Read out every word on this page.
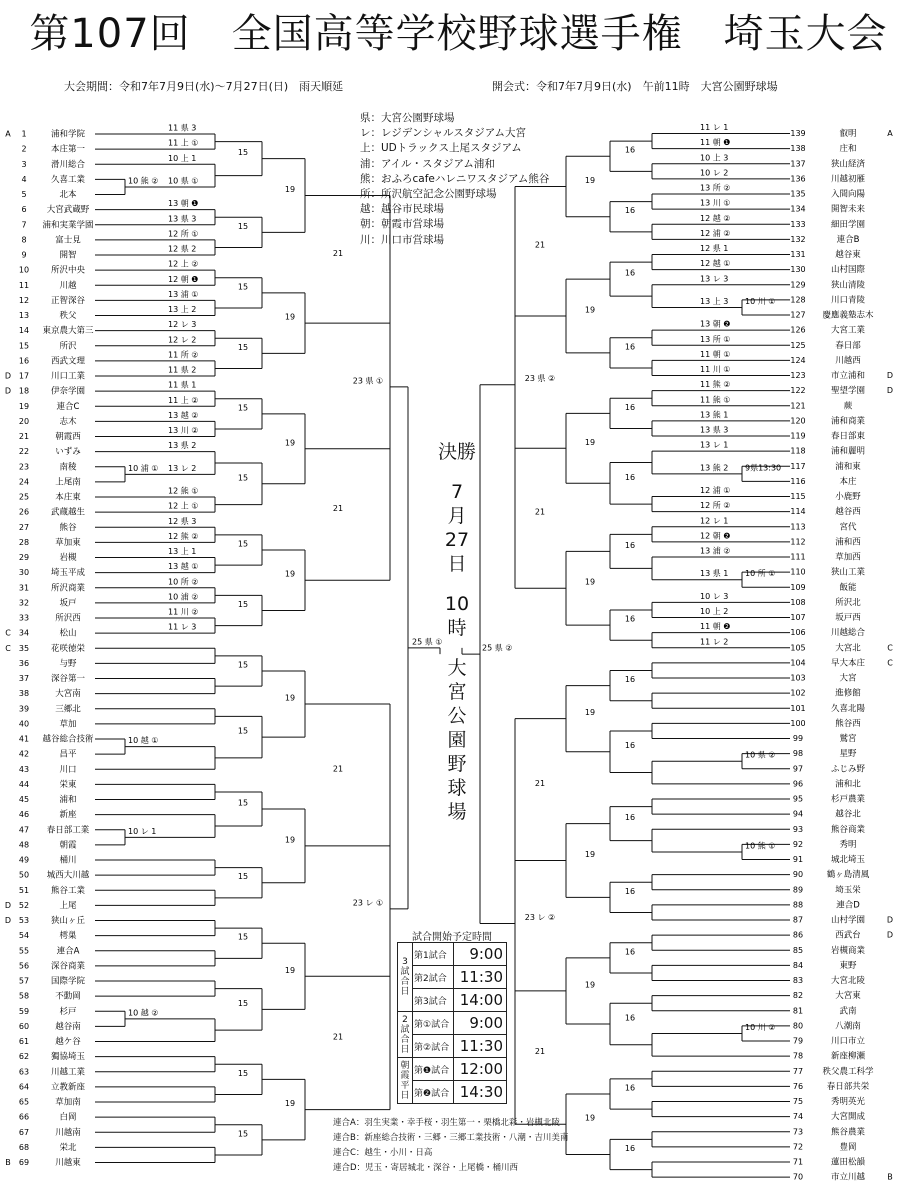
第107回　全国高等学校野球選手権　埼玉大会
大会期間：令和7年7月9日(水)～7月27日(日)　雨天順延	開会式：令和7年7月9日(水)　午前11時　大宮公園野球場
1	浦和学院
2	本庄第一
3	滑川総合
4	久喜工業
5	北本
6 大宮武蔵野
7 浦和実業学園
8	富士見
9	開智
10	所沢中央
11	川越
12	正智深谷
13	秩父
14 東京農大第三
15	所沢
16	西武文理
17	川口工業
18	伊奈学園
19	連合C
20	志木
21	朝霞西
22	いずみ
23	南稜
24	上尾南
25	本庄東
26	武蔵越生
27	熊谷
28	草加東
29	岩槻
30	埼玉平成
31	所沢商業
32	坂戸
33	所沢西
34	松山
35	花咲徳栄
36	与野
37	深谷第一
38	大宮南
39	三郷北
40	草加
41 越谷総合技術
42	昌平
43	川口
44	栄東
45	浦和
46	新座
47 春日部工業
48	朝霞
49	桶川
50 城西大川越
51	熊谷工業
52	上尾
53	狭山ヶ丘
54	樗巣
55	連合A
56	深谷商業
57	国際学院
58	不動岡
59	杉戸
60	越谷南
61	越ケ谷
62	獨協埼玉
63	川越工業
64	立教新座
65	草加南
66	白岡
67	川越南
68	栄北
69	川越東
139	叡明
138	庄和
137	狭山経済
136	川越初雁
135	入間向陽
134	開智未来
133	細田学園
132	連合B
131	越谷東
130	山村国際
129	狭山清陵
128	川口青陵
127 慶應義塾志木
126	大宮工業
125	春日部
124	川越西
123	市立浦和
122	聖望学園
121	蕨
120	浦和商業
119	春日部東
118	浦和麗明
117	浦和東
116	本庄
115	小鹿野
114	越谷西
113	宮代
112	浦和西
111	草加西
110	狭山工業
109	飯能
108	所沢北
107	坂戸西
106	川越総合
105	大宮北
104	早大本庄
103	大宮
102	進修館
101	久喜北陽
100	熊谷西
99	鷲宮
98	星野
97	ふじみ野
96	浦和北
95	杉戸農業
94	越谷北
93	熊谷商業
92	秀明
91	城北埼玉
90	鶴ヶ島清風
89	埼玉栄
88	連合D
87	山村学園
86	西武台
85	岩槻商業
84	東野
83	大宮北陵
82	大宮東
81	武南
80	八潮南
79	川口市立
78	新座柳瀬
77 秩父農工科学
76	春日部共栄
75	秀明英光
74	大宮開成
73	熊谷農業
72	豊岡
71	蓮田松韻
70	市立川越
A
D
D
C
C
D
D
B
A
D
D
C
C
D
D
B
10 熊 ②
10 浦 ①
10 越 ①
10 レ 1
10 越 ②
11 県 3
11 上 ①
10 上 1
10 県 ①
13 朝 ❶
13 県 3
12 所 ①
12 県 2
12 上 ②
12 朝 ❶
13 浦 ①
13 上 2
12 レ 3
12 レ 2
11 所 ②
11 県 2
11 県 1
11 上 ②
13 越 ②
13 川 ②
13 県 2
13 レ 2
12 熊 ①
12 上 ①
12 県 3
12 熊 ②
13 上 1
13 越 ①
10 所 ②
10 浦 ②
11 川 ②
11 レ 3
15
15
15
15
15
15
15
15
15
15
15
15
15
15
15
15
19
19
19
19
19
19
19
19
21
21
21
21
23 県 ①
23 レ ①
25 県 ①
10 川 ①
9県13:30
10 所 ①
10 県 ②
10 熊 ①
10 川 ②
11 レ 1
11 朝 ❶
10 上 3
10 レ 2
13 所 ②
13 川 ①
12 越 ②
12 浦 ②
12 県 1
12 越 ①
13 レ 3
13 上 3
13 朝 ❷
13 所 ①
11 朝 ①
11 川 ①
11 熊 ②
11 熊 ①
13 熊 1
13 県 3
13 レ 1
13 熊 2
12 浦 ①
12 所 ②
12 レ 1
12 朝 ❷
13 浦 ②
13 県 1
10 レ 3
10 上 2
11 朝 ❷
11 レ 2
16
16
16
16
16
16
16
16
16
16
16
16
16
16
16
16
19
19
19
19
19
19
19
19
21
21
21
21
23 県 ②
23 レ ②
25 県 ②
県：大宮公園野球場
レ：レジデンシャルスタジアム大宮
上：UDトラックス上尾スタジアム
浦：アイル・スタジアム浦和
熊：おふろcafeハレニワスタジアム熊谷
所：所沢航空記念公園野球場
越：越谷市民球場
朝：朝霞市営球場
川：川口市営球場
決勝
7
月
27
日
10
時
大
宮
公
園
野
球
場
試合開始予定時間
3試合日	第1試合	9:00
	第2試合	11:30
	第3試合	14:00
2試合日	第①試合	9:00
	第②試合	11:30
朝霞平日	第❶試合	12:00
	第❷試合	14:30
連合A：羽生実業・幸手桜・羽生第一・栗橋北彩・岩槻北陵
連合B：新座総合技術・三郷・三郷工業技術・八潮・吉川美南
連合C：越生・小川・日高
連合D：児玉・寄居城北・深谷・上尾橋・桶川西
